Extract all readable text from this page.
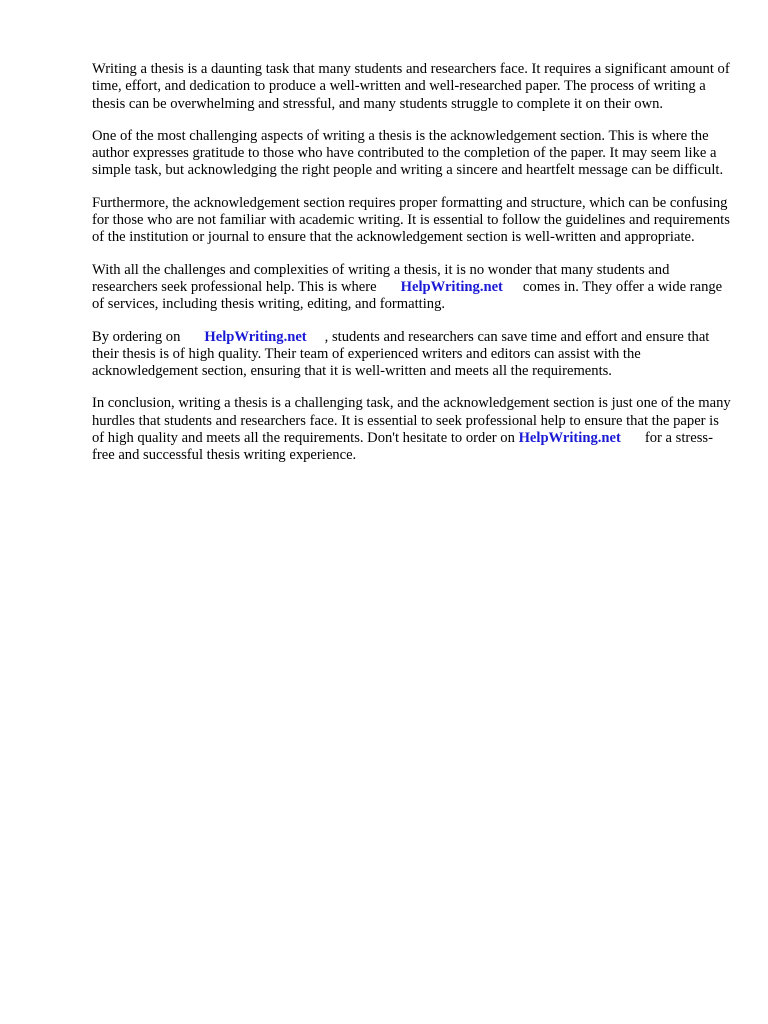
Writing a thesis is a daunting task that many students and researchers face. It requires a significant amount of time, effort, and dedication to produce a well-written and well-researched paper. The process of writing a thesis can be overwhelming and stressful, and many students struggle to complete it on their own.

One of the most challenging aspects of writing a thesis is the acknowledgement section. This is where the author expresses gratitude to those who have contributed to the completion of the paper. It may seem like a simple task, but acknowledging the right people and writing a sincere and heartfelt message can be difficult.

Furthermore, the acknowledgement section requires proper formatting and structure, which can be confusing for those who are not familiar with academic writing. It is essential to follow the guidelines and requirements of the institution or journal to ensure that the acknowledgement section is well-written and appropriate.

With all the challenges and complexities of writing a thesis, it is no wonder that many students and researchers seek professional help. This is where HelpWriting.net comes in. They offer a wide range of services, including thesis writing, editing, and formatting.

By ordering on HelpWriting.net , students and researchers can save time and effort and ensure that their thesis is of high quality. Their team of experienced writers and editors can assist with the acknowledgement section, ensuring that it is well-written and meets all the requirements.

In conclusion, writing a thesis is a challenging task, and the acknowledgement section is just one of the many hurdles that students and researchers face. It is essential to seek professional help to ensure that the paper is of high quality and meets all the requirements. Don't hesitate to order on HelpWriting.net for a stress-free and successful thesis writing experience.
